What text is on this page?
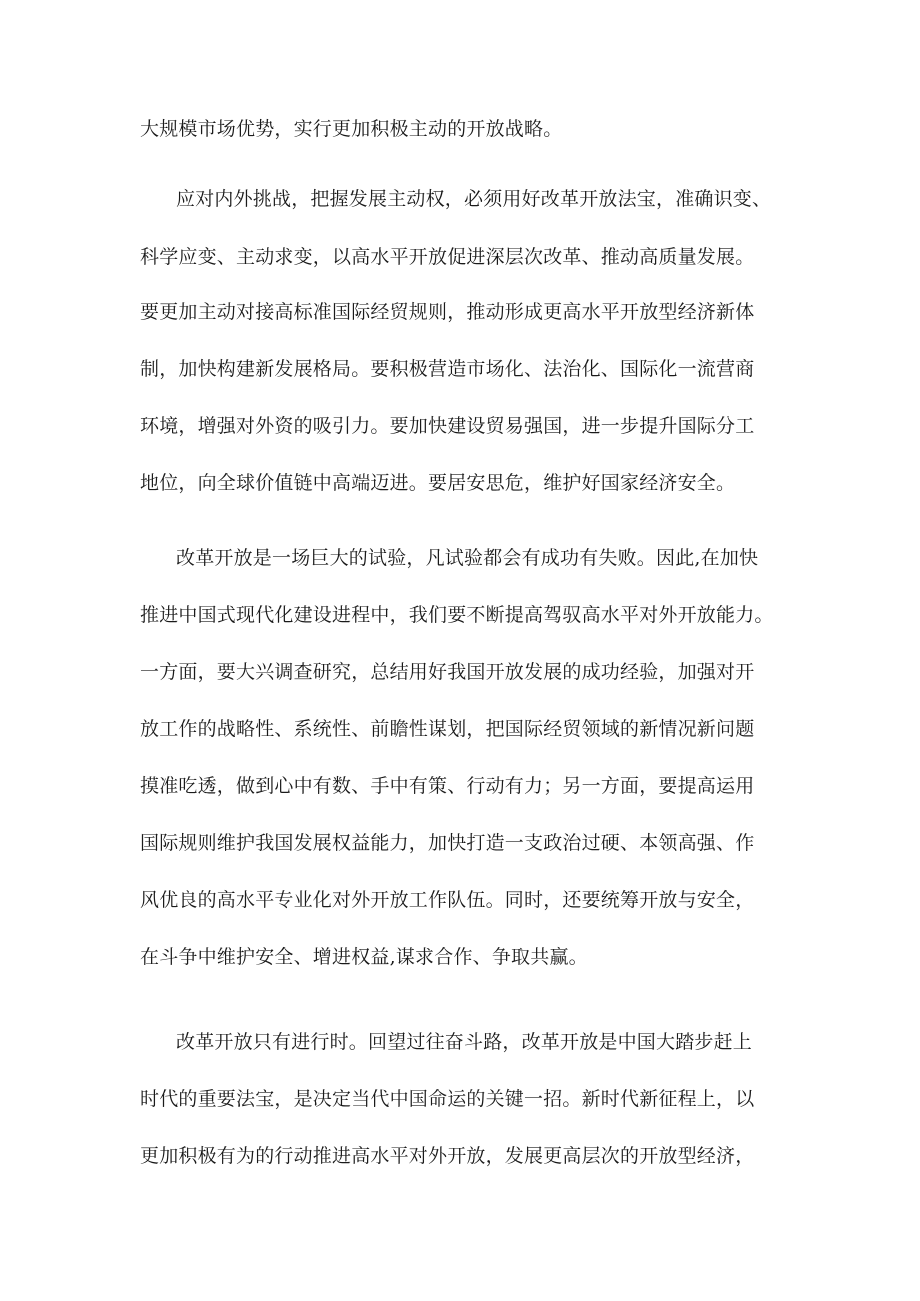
大规模市场优势，实行更加积极主动的开放战略。
应对内外挑战，把握发展主动权，必须用好改革开放法宝，准确识变、
科学应变、主动求变，以高水平开放促进深层次改革、推动高质量发展。
要更加主动对接高标准国际经贸规则，推动形成更高水平开放型经济新体
制，加快构建新发展格局。要积极营造市场化、法治化、国际化一流营商
环境，增强对外资的吸引力。要加快建设贸易强国，进一步提升国际分工
地位，向全球价值链中高端迈进。要居安思危，维护好国家经济安全。
改革开放是一场巨大的试验，凡试验都会有成功有失败。因此,在加快
推进中国式现代化建设进程中，我们要不断提高驾驭高水平对外开放能力。
一方面，要大兴调查研究，总结用好我国开放发展的成功经验，加强对开
放工作的战略性、系统性、前瞻性谋划，把国际经贸领域的新情况新问题
摸准吃透，做到心中有数、手中有策、行动有力；另一方面，要提高运用
国际规则维护我国发展权益能力，加快打造一支政治过硬、本领高强、作
风优良的高水平专业化对外开放工作队伍。同时，还要统筹开放与安全，
在斗争中维护安全、增进权益,谋求合作、争取共赢。
改革开放只有进行时。回望过往奋斗路，改革开放是中国大踏步赶上
时代的重要法宝，是决定当代中国命运的关键一招。新时代新征程上，以
更加积极有为的行动推进高水平对外开放，发展更高层次的开放型经济，
